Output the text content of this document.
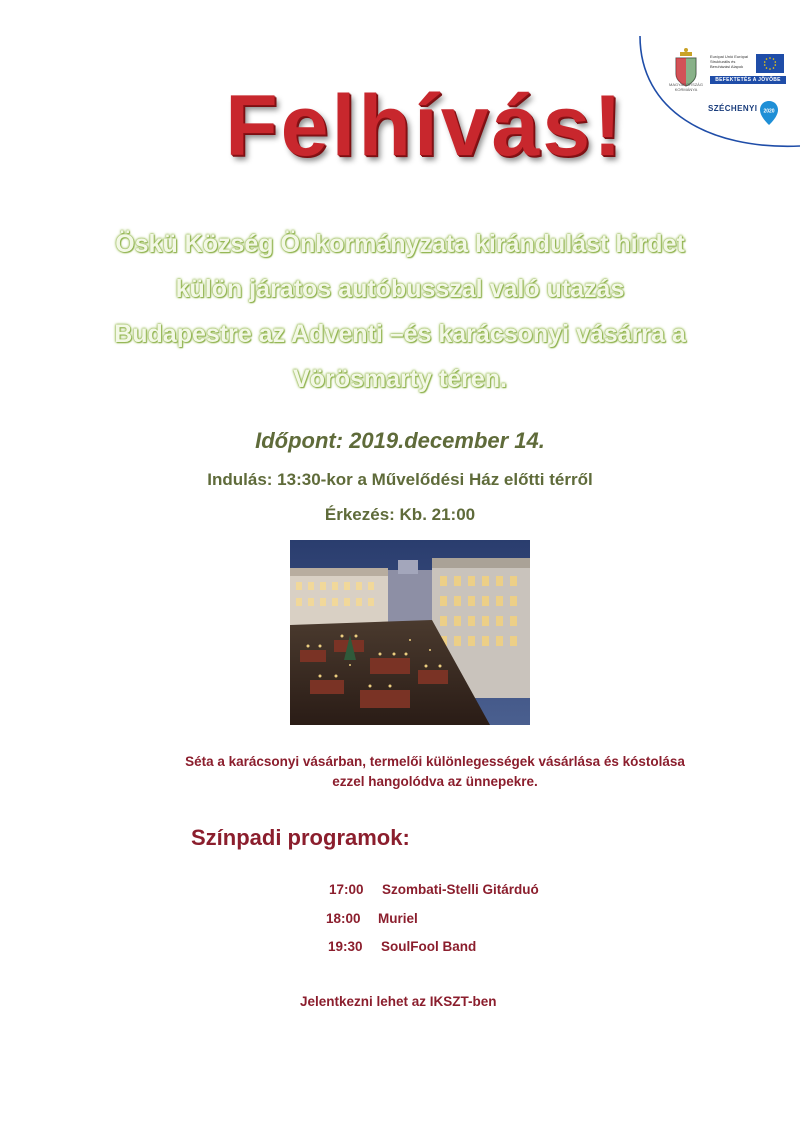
MAGYARORSZÁG KORMÁNYA
Európai Unió Európai Strukturális és Beruházási Alapok
BEFEKTETÉS A JÖVŐBE
SZÉCHENYI 2020
Felhívás!
Öskü Község Önkormányzata kirándulást hirdet
külön járatos autóbusszal való utazás
Budapestre az Adventi –és karácsonyi vásárra a
Vörösmarty téren.
Időpont: 2019.december 14.
Indulás: 13:30-kor a Művelődési Ház előtti térről
Érkezés: Kb. 21:00
Séta a karácsonyi vásárban, termelői különlegességek vásárlása és kóstolása
ezzel hangolódva az ünnepekre.
Színpadi programok:
17:00 Szombati-Stelli Gitárduó
18:00 Muriel
19:30 SoulFool Band
Jelentkezni lehet az IKSZT-ben
